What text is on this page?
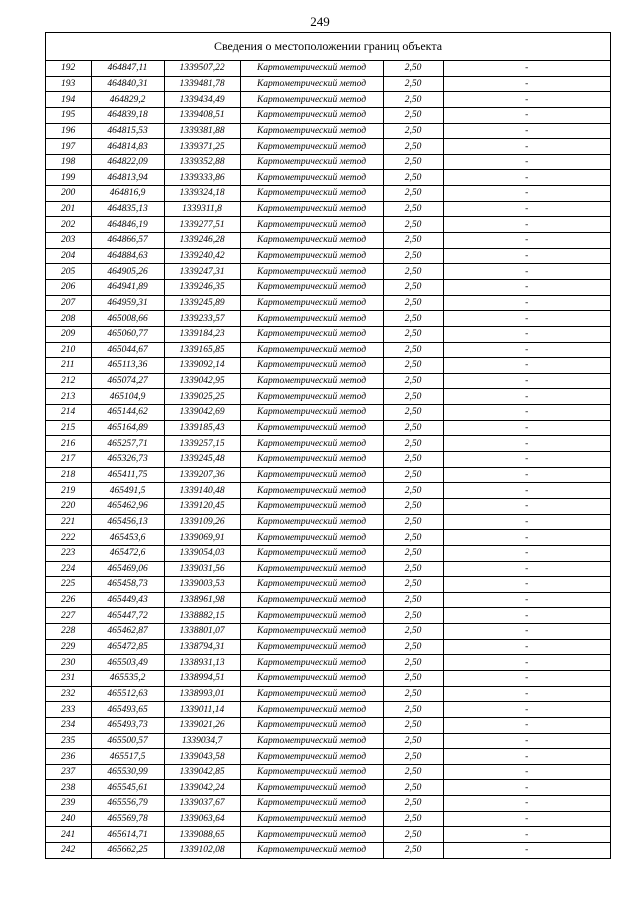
249
Сведения о местоположении границ объекта
192	464847,11	1339507,22	Картометрический метод	2,50	-
193	464840,31	1339481,78	Картометрический метод	2,50	-
194	464829,2	1339434,49	Картометрический метод	2,50	-
195	464839,18	1339408,51	Картометрический метод	2,50	-
196	464815,53	1339381,88	Картометрический метод	2,50	-
197	464814,83	1339371,25	Картометрический метод	2,50	-
198	464822,09	1339352,88	Картометрический метод	2,50	-
199	464813,94	1339333,86	Картометрический метод	2,50	-
200	464816,9	1339324,18	Картометрический метод	2,50	-
201	464835,13	1339311,8	Картометрический метод	2,50	-
202	464846,19	1339277,51	Картометрический метод	2,50	-
203	464866,57	1339246,28	Картометрический метод	2,50	-
204	464884,63	1339240,42	Картометрический метод	2,50	-
205	464905,26	1339247,31	Картометрический метод	2,50	-
206	464941,89	1339246,35	Картометрический метод	2,50	-
207	464959,31	1339245,89	Картометрический метод	2,50	-
208	465008,66	1339233,57	Картометрический метод	2,50	-
209	465060,77	1339184,23	Картометрический метод	2,50	-
210	465044,67	1339165,85	Картометрический метод	2,50	-
211	465113,36	1339092,14	Картометрический метод	2,50	-
212	465074,27	1339042,95	Картометрический метод	2,50	-
213	465104,9	1339025,25	Картометрический метод	2,50	-
214	465144,62	1339042,69	Картометрический метод	2,50	-
215	465164,89	1339185,43	Картометрический метод	2,50	-
216	465257,71	1339257,15	Картометрический метод	2,50	-
217	465326,73	1339245,48	Картометрический метод	2,50	-
218	465411,75	1339207,36	Картометрический метод	2,50	-
219	465491,5	1339140,48	Картометрический метод	2,50	-
220	465462,96	1339120,45	Картометрический метод	2,50	-
221	465456,13	1339109,26	Картометрический метод	2,50	-
222	465453,6	1339069,91	Картометрический метод	2,50	-
223	465472,6	1339054,03	Картометрический метод	2,50	-
224	465469,06	1339031,56	Картометрический метод	2,50	-
225	465458,73	1339003,53	Картометрический метод	2,50	-
226	465449,43	1338961,98	Картометрический метод	2,50	-
227	465447,72	1338882,15	Картометрический метод	2,50	-
228	465462,87	1338801,07	Картометрический метод	2,50	-
229	465472,85	1338794,31	Картометрический метод	2,50	-
230	465503,49	1338931,13	Картометрический метод	2,50	-
231	465535,2	1338994,51	Картометрический метод	2,50	-
232	465512,63	1338993,01	Картометрический метод	2,50	-
233	465493,65	1339011,14	Картометрический метод	2,50	-
234	465493,73	1339021,26	Картометрический метод	2,50	-
235	465500,57	1339034,7	Картометрический метод	2,50	-
236	465517,5	1339043,58	Картометрический метод	2,50	-
237	465530,99	1339042,85	Картометрический метод	2,50	-
238	465545,61	1339042,24	Картометрический метод	2,50	-
239	465556,79	1339037,67	Картометрический метод	2,50	-
240	465569,78	1339063,64	Картометрический метод	2,50	-
241	465614,71	1339088,65	Картометрический метод	2,50	-
242	465662,25	1339102,08	Картометрический метод	2,50	-
